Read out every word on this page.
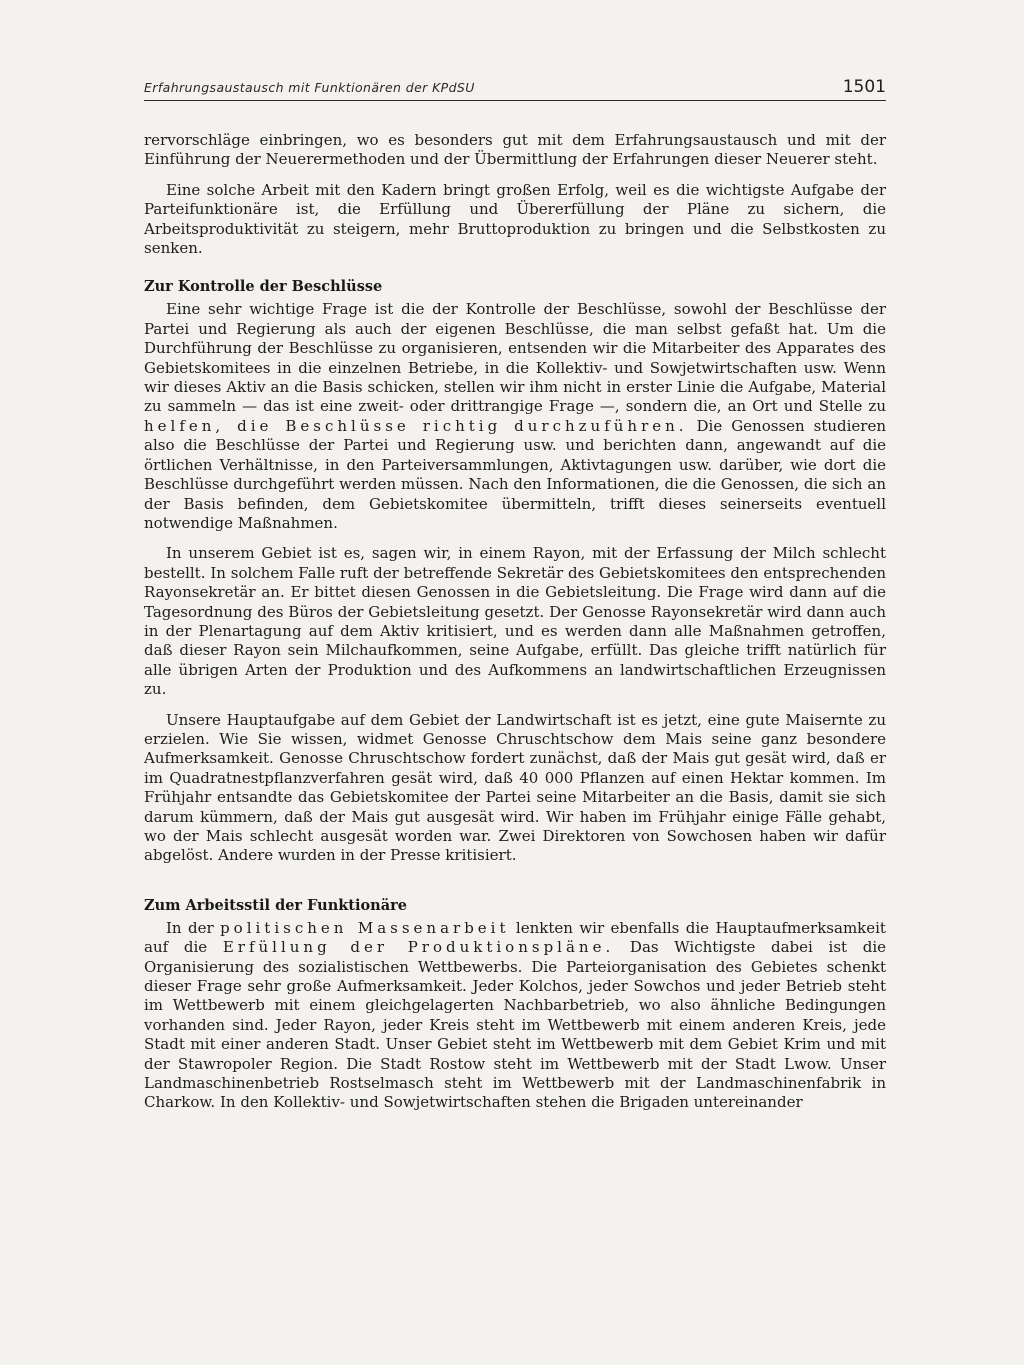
Erfahrungsaustausch mit Funktionären der KPdSU	1501

rervorschläge einbringen, wo es besonders gut mit dem Erfahrungsaustausch und mit der Einführung der Neuerermethoden und der Übermittlung der Erfahrungen dieser Neuerer steht.

Eine solche Arbeit mit den Kadern bringt großen Erfolg, weil es die wichtigste Aufgabe der Parteifunktionäre ist, die Erfüllung und Übererfüllung der Pläne zu sichern, die Arbeitsproduktivität zu steigern, mehr Bruttoproduktion zu bringen und die Selbstkosten zu senken.

Zur Kontrolle der Beschlüsse

Eine sehr wichtige Frage ist die der Kontrolle der Beschlüsse, sowohl der Beschlüsse der Partei und Regierung als auch der eigenen Beschlüsse, die man selbst gefaßt hat. Um die Durchführung der Beschlüsse zu organisieren, entsenden wir die Mitarbeiter des Apparates des Gebietskomitees in die einzelnen Betriebe, in die Kollektiv- und Sowjetwirtschaften usw. Wenn wir dieses Aktiv an die Basis schicken, stellen wir ihm nicht in erster Linie die Aufgabe, Material zu sammeln — das ist eine zweit- oder drittrangige Frage —, sondern die, an Ort und Stelle zu helfen, die Beschlüsse richtig durchzuführen. Die Genossen studieren also die Beschlüsse der Partei und Regierung usw. und berichten dann, angewandt auf die örtlichen Verhältnisse, in den Parteiversammlungen, Aktivtagungen usw. darüber, wie dort die Beschlüsse durchgeführt werden müssen. Nach den Informationen, die die Genossen, die sich an der Basis befinden, dem Gebietskomitee übermitteln, trifft dieses seinerseits eventuell notwendige Maßnahmen.

In unserem Gebiet ist es, sagen wir, in einem Rayon, mit der Erfassung der Milch schlecht bestellt. In solchem Falle ruft der betreffende Sekretär des Gebietskomitees den entsprechenden Rayonsekretär an. Er bittet diesen Genossen in die Gebietsleitung. Die Frage wird dann auf die Tagesordnung des Büros der Gebietsleitung gesetzt. Der Genosse Rayonsekretär wird dann auch in der Plenartagung auf dem Aktiv kritisiert, und es werden dann alle Maßnahmen getroffen, daß dieser Rayon sein Milchaufkommen, seine Aufgabe, erfüllt. Das gleiche trifft natürlich für alle übrigen Arten der Produktion und des Aufkommens an landwirtschaftlichen Erzeugnissen zu.

Unsere Hauptaufgabe auf dem Gebiet der Landwirtschaft ist es jetzt, eine gute Maisernte zu erzielen. Wie Sie wissen, widmet Genosse Chruschtschow dem Mais seine ganz besondere Aufmerksamkeit. Genosse Chruschtschow fordert zunächst, daß der Mais gut gesät wird, daß er im Quadratnestpflanzverfahren gesät wird, daß 40 000 Pflanzen auf einen Hektar kommen. Im Frühjahr entsandte das Gebietskomitee der Partei seine Mitarbeiter an die Basis, damit sie sich darum kümmern, daß der Mais gut ausgesät wird. Wir haben im Frühjahr einige Fälle gehabt, wo der Mais schlecht ausgesät worden war. Zwei Direktoren von Sowchosen haben wir dafür abgelöst. Andere wurden in der Presse kritisiert.

Zum Arbeitsstil der Funktionäre

In der politischen Massenarbeit lenkten wir ebenfalls die Hauptaufmerksamkeit auf die Erfüllung der Produktionspläne. Das Wichtigste dabei ist die Organisierung des sozialistischen Wettbewerbs. Die Parteiorganisation des Gebietes schenkt dieser Frage sehr große Aufmerksamkeit. Jeder Kolchos, jeder Sowchos und jeder Betrieb steht im Wettbewerb mit einem gleichgelagerten Nachbarbetrieb, wo also ähnliche Bedingungen vorhanden sind. Jeder Rayon, jeder Kreis steht im Wettbewerb mit einem anderen Kreis, jede Stadt mit einer anderen Stadt. Unser Gebiet steht im Wettbewerb mit dem Gebiet Krim und mit der Stawropoler Region. Die Stadt Rostow steht im Wettbewerb mit der Stadt Lwow. Unser Landmaschinenbetrieb Rostselmasch steht im Wettbewerb mit der Landmaschinenfabrik in Charkow. In den Kollektiv- und Sowjetwirtschaften stehen die Brigaden untereinander
